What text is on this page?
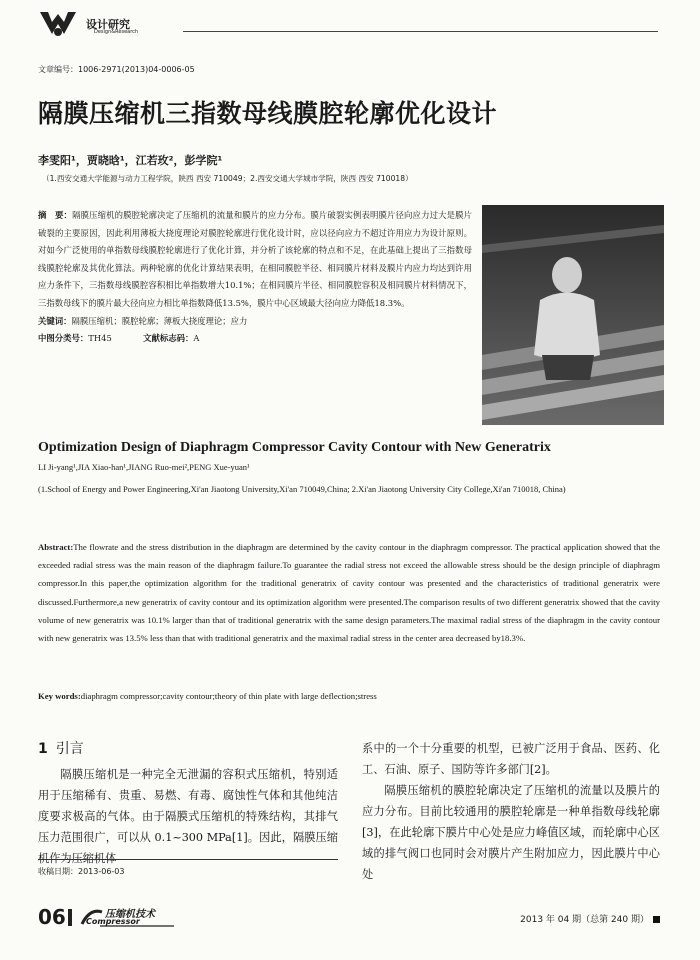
设计研究
Design&Research
文章编号：1006-2971(2013)04-0006-05
隔膜压缩机三指数母线膜腔轮廓优化设计
李雯阳¹，贾晓晗¹，江若玫²，彭学院¹
（1.西安交通大学能源与动力工程学院，陕西 西安 710049；2.西安交通大学城市学院，陕西 西安 710018）
摘　要：隔膜压缩机的膜腔轮廓决定了压缩机的流量和膜片的应力分布。膜片破裂实例表明膜片径向应力过大是膜片破裂的主要原因，因此利用薄板大挠度理论对膜腔轮廓进行优化设计时，应以径向应力不超过许用应力为设计原则。对如今广泛使用的单指数母线膜腔轮廓进行了优化计算，并分析了该轮廓的特点和不足，在此基础上提出了三指数母线膜腔轮廓及其优化算法。两种轮廓的优化计算结果表明，在相同膜腔半径、相同膜片材料及膜片内应力均达到许用应力条件下，三指数母线膜腔容积相比单指数增大10.1%；在相同膜片半径、相同膜腔容积及相同膜片材料情况下，三指数母线下的膜片最大径向应力相比单指数降低13.5%，膜片中心区域最大径向应力降低18.3%。
关键词：隔膜压缩机；膜腔轮廓；薄板大挠度理论；应力
中图分类号：TH45	文献标志码：A
Optimization Design of Diaphragm Compressor Cavity Contour with New Generatrix
LI Ji-yang¹,JIA Xiao-han¹,JIANG Ruo-mei²,PENG Xue-yuan¹
(1.School of Energy and Power Engineering,Xi'an Jiaotong University,Xi'an 710049,China; 2.Xi'an Jiaotong University City College,Xi'an 710018, China)
Abstract:The flowrate and the stress distribution in the diaphragm are determined by the cavity contour in the diaphragm compressor. The practical application showed that the exceeded radial stress was the main reason of the diaphragm failure.To guarantee the radial stress not exceed the allowable stress should be the design principle of diaphragm compressor.In this paper,the optimization algorithm for the traditional generatrix of cavity contour was presented and the characteristics of traditional generatrix were discussed.Furthermore,a new generatrix of cavity contour and its optimization algorithm were presented.The comparison results of two different generatrix showed that the cavity volume of new generatrix was 10.1% larger than that of traditional generatrix with the same design parameters.The maximal radial stress of the diaphragm in the cavity contour with new generatrix was 13.5% less than that with traditional generatrix and the maximal radial stress in the center area decreased by18.3%.
Key words:diaphragm compressor;cavity contour;theory of thin plate with large deflection;stress
1 引言
隔膜压缩机是一种完全无泄漏的容积式压缩机，特别适用于压缩稀有、贵重、易燃、有毒、腐蚀性气体和其他纯洁度要求极高的气体。由于隔膜式压缩机的特殊结构，其排气压力范围很广，可以从 0.1~300 MPa[1]。因此，隔膜压缩机作为压缩机体
系中的一个十分重要的机型，已被广泛用于食品、医药、化工、石油、原子、国防等许多部门[2]。
隔膜压缩机的膜腔轮廓决定了压缩机的流量以及膜片的应力分布。目前比较通用的膜腔轮廓是一种单指数母线轮廓 [3]，在此轮廓下膜片中心处是应力峰值区域，而轮廓中心区域的排气阀口也同时会对膜片产生附加应力，因此膜片中心处
收稿日期：2013-06-03
06	压缩机技术
Compressor	2013 年 04 期（总第 240 期）
